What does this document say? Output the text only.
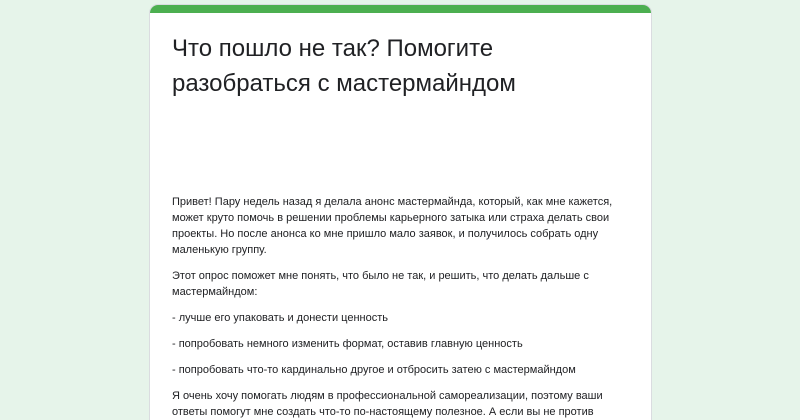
Что пошло не так? Помогите разобраться с мастермайндом

Привет! Пару недель назад я делала анонс мастермайнда, который, как мне кажется, может круто помочь в решении проблемы карьерного затыка или страха делать свои проекты. Но после анонса ко мне пришло мало заявок, и получилось собрать одну маленькую группу.

Этот опрос поможет мне понять, что было не так, и решить, что делать дальше с мастермайндом:

- лучше его упаковать и донести ценность

- попробовать немного изменить формат, оставив главную ценность

- попробовать что-то кардинально другое и отбросить затею с мастермайндом

Я очень хочу помогать людям в профессиональной самореализации, поэтому ваши ответы помогут мне создать что-то по-настоящему полезное. А если вы не против
